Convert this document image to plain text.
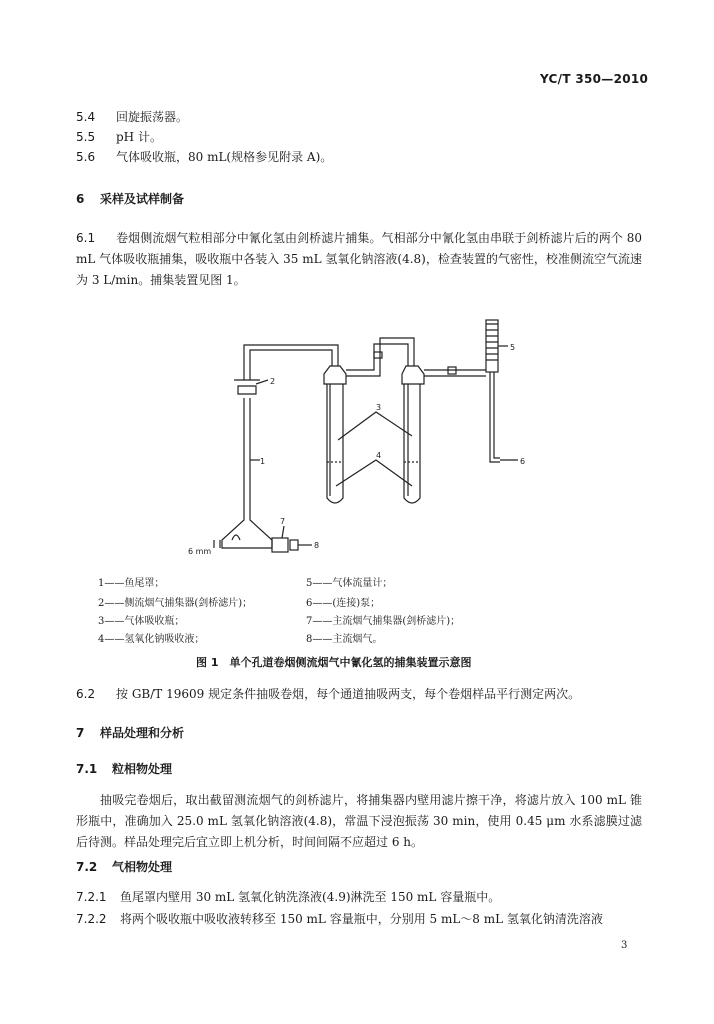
YC/T 350—2010
5.4 回旋振荡器。
5.5 pH 计。
5.6 气体吸收瓶，80 mL(规格参见附录 A)。
6 采样及试样制备
6.1 卷烟侧流烟气粒相部分中氰化氢由剑桥滤片捕集。气相部分中氰化氢由串联于剑桥滤片后的两个 80 mL 气体吸收瓶捕集，吸收瓶中各装入 35 mL 氢氧化钠溶液(4.8)，检查装置的气密性，校准侧流空气流速为 3 L/min。捕集装置见图 1。
2
1
3
4
5
6
7
8
6 mm
1——鱼尾罩；
2——侧流烟气捕集器(剑桥滤片)；
3——气体吸收瓶；
4——氢氧化钠吸收液；
5——气体流量计；
6——(连接)泵；
7——主流烟气捕集器(剑桥滤片)；
8——主流烟气。
图 1　单个孔道卷烟侧流烟气中氰化氢的捕集装置示意图
6.2 按 GB/T 19609 规定条件抽吸卷烟，每个通道抽吸两支，每个卷烟样品平行测定两次。
7 样品处理和分析
7.1 粒相物处理
抽吸完卷烟后，取出截留测流烟气的剑桥滤片，将捕集器内壁用滤片擦干净，将滤片放入 100 mL 锥形瓶中，准确加入 25.0 mL 氢氧化钠溶液(4.8)，常温下浸泡振荡 30 min，使用 0.45 μm 水系滤膜过滤后待测。样品处理完后宜立即上机分析，时间间隔不应超过 6 h。
7.2 气相物处理
7.2.1 鱼尾罩内壁用 30 mL 氢氧化钠洗涤液(4.9)淋洗至 150 mL 容量瓶中。
7.2.2 将两个吸收瓶中吸收液转移至 150 mL 容量瓶中，分别用 5 mL～8 mL 氢氧化钠清洗溶液
3
